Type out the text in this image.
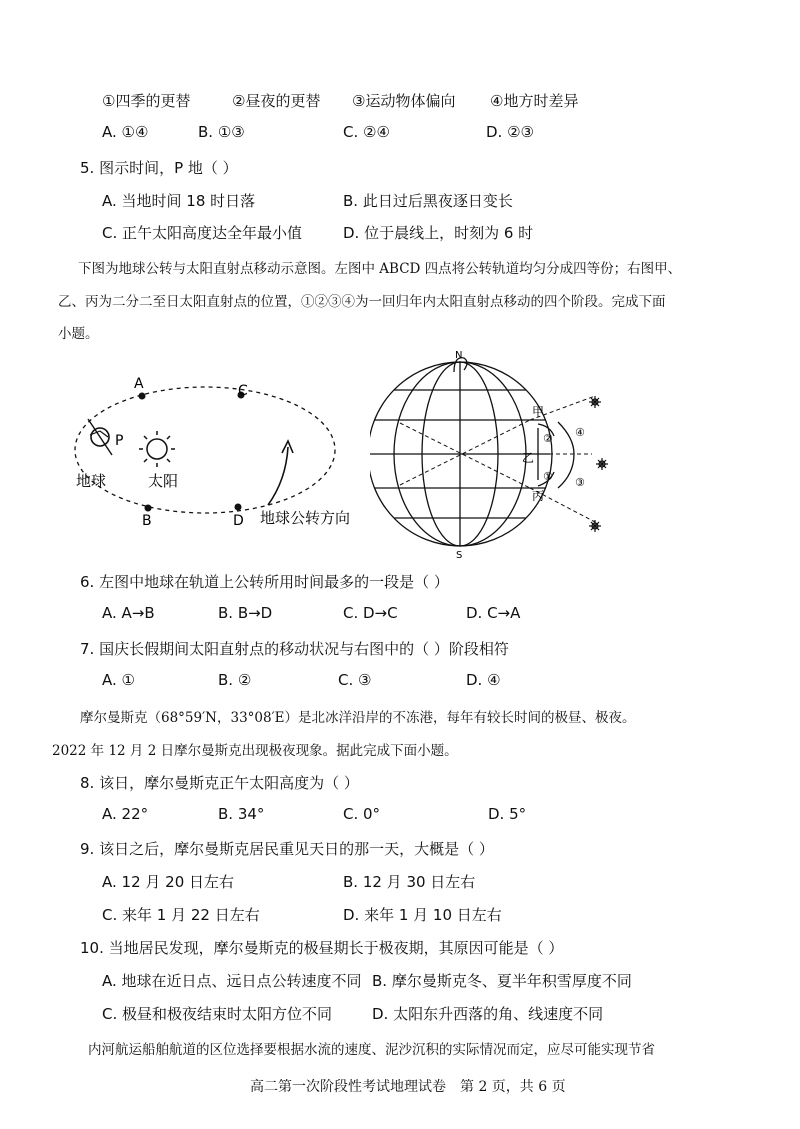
①四季的更替	②昼夜的更替 ③运动物体偏向 ④地方时差异
A. ①④	B. ①③	C. ②④	D. ②③
5. 图示时间，P 地（ ）
A. 当地时间 18 时日落	B. 此日过后黑夜逐日变长
C. 正午太阳高度达全年最小值	D. 位于晨线上，时刻为 6 时
下图为地球公转与太阳直射点移动示意图。左图中 ABCD 四点将公转轨道均匀分成四等份；右图甲、
乙、丙为二分二至日太阳直射点的位置，①②③④为一回归年内太阳直射点移动的四个阶段。完成下面
小题。
A	C
B	D
P
地球	太阳
地球公转方向
N
S
甲
乙
丙
②
①
④
③
6. 左图中地球在轨道上公转所用时间最多的一段是（ ）
A. A→B	B. B→D	C. D→C	D. C→A
7. 国庆长假期间太阳直射点的移动状况与右图中的（ ）阶段相符
A. ①	B. ②	C. ③	D. ④
摩尔曼斯克（68°59′N，33°08′E）是北冰洋沿岸的不冻港，每年有较长时间的极昼、极夜。
2022 年 12 月 2 日摩尔曼斯克出现极夜现象。据此完成下面小题。
8. 该日，摩尔曼斯克正午太阳高度为（ ）
A. 22°	B. 34°	C. 0°	D. 5°
9. 该日之后，摩尔曼斯克居民重见天日的那一天，大概是（ ）
A. 12 月 20 日左右	B. 12 月 30 日左右
C. 来年 1 月 22 日左右	D. 来年 1 月 10 日左右
10. 当地居民发现，摩尔曼斯克的极昼期长于极夜期，其原因可能是（ ）
A. 地球在近日点、远日点公转速度不同 B. 摩尔曼斯克冬、夏半年积雪厚度不同
C. 极昼和极夜结束时太阳方位不同	D. 太阳东升西落的角、线速度不同
内河航运船舶航道的区位选择要根据水流的速度、泥沙沉积的实际情况而定，应尽可能实现节省
高二第一次阶段性考试地理试卷　第 2 页，共 6 页
